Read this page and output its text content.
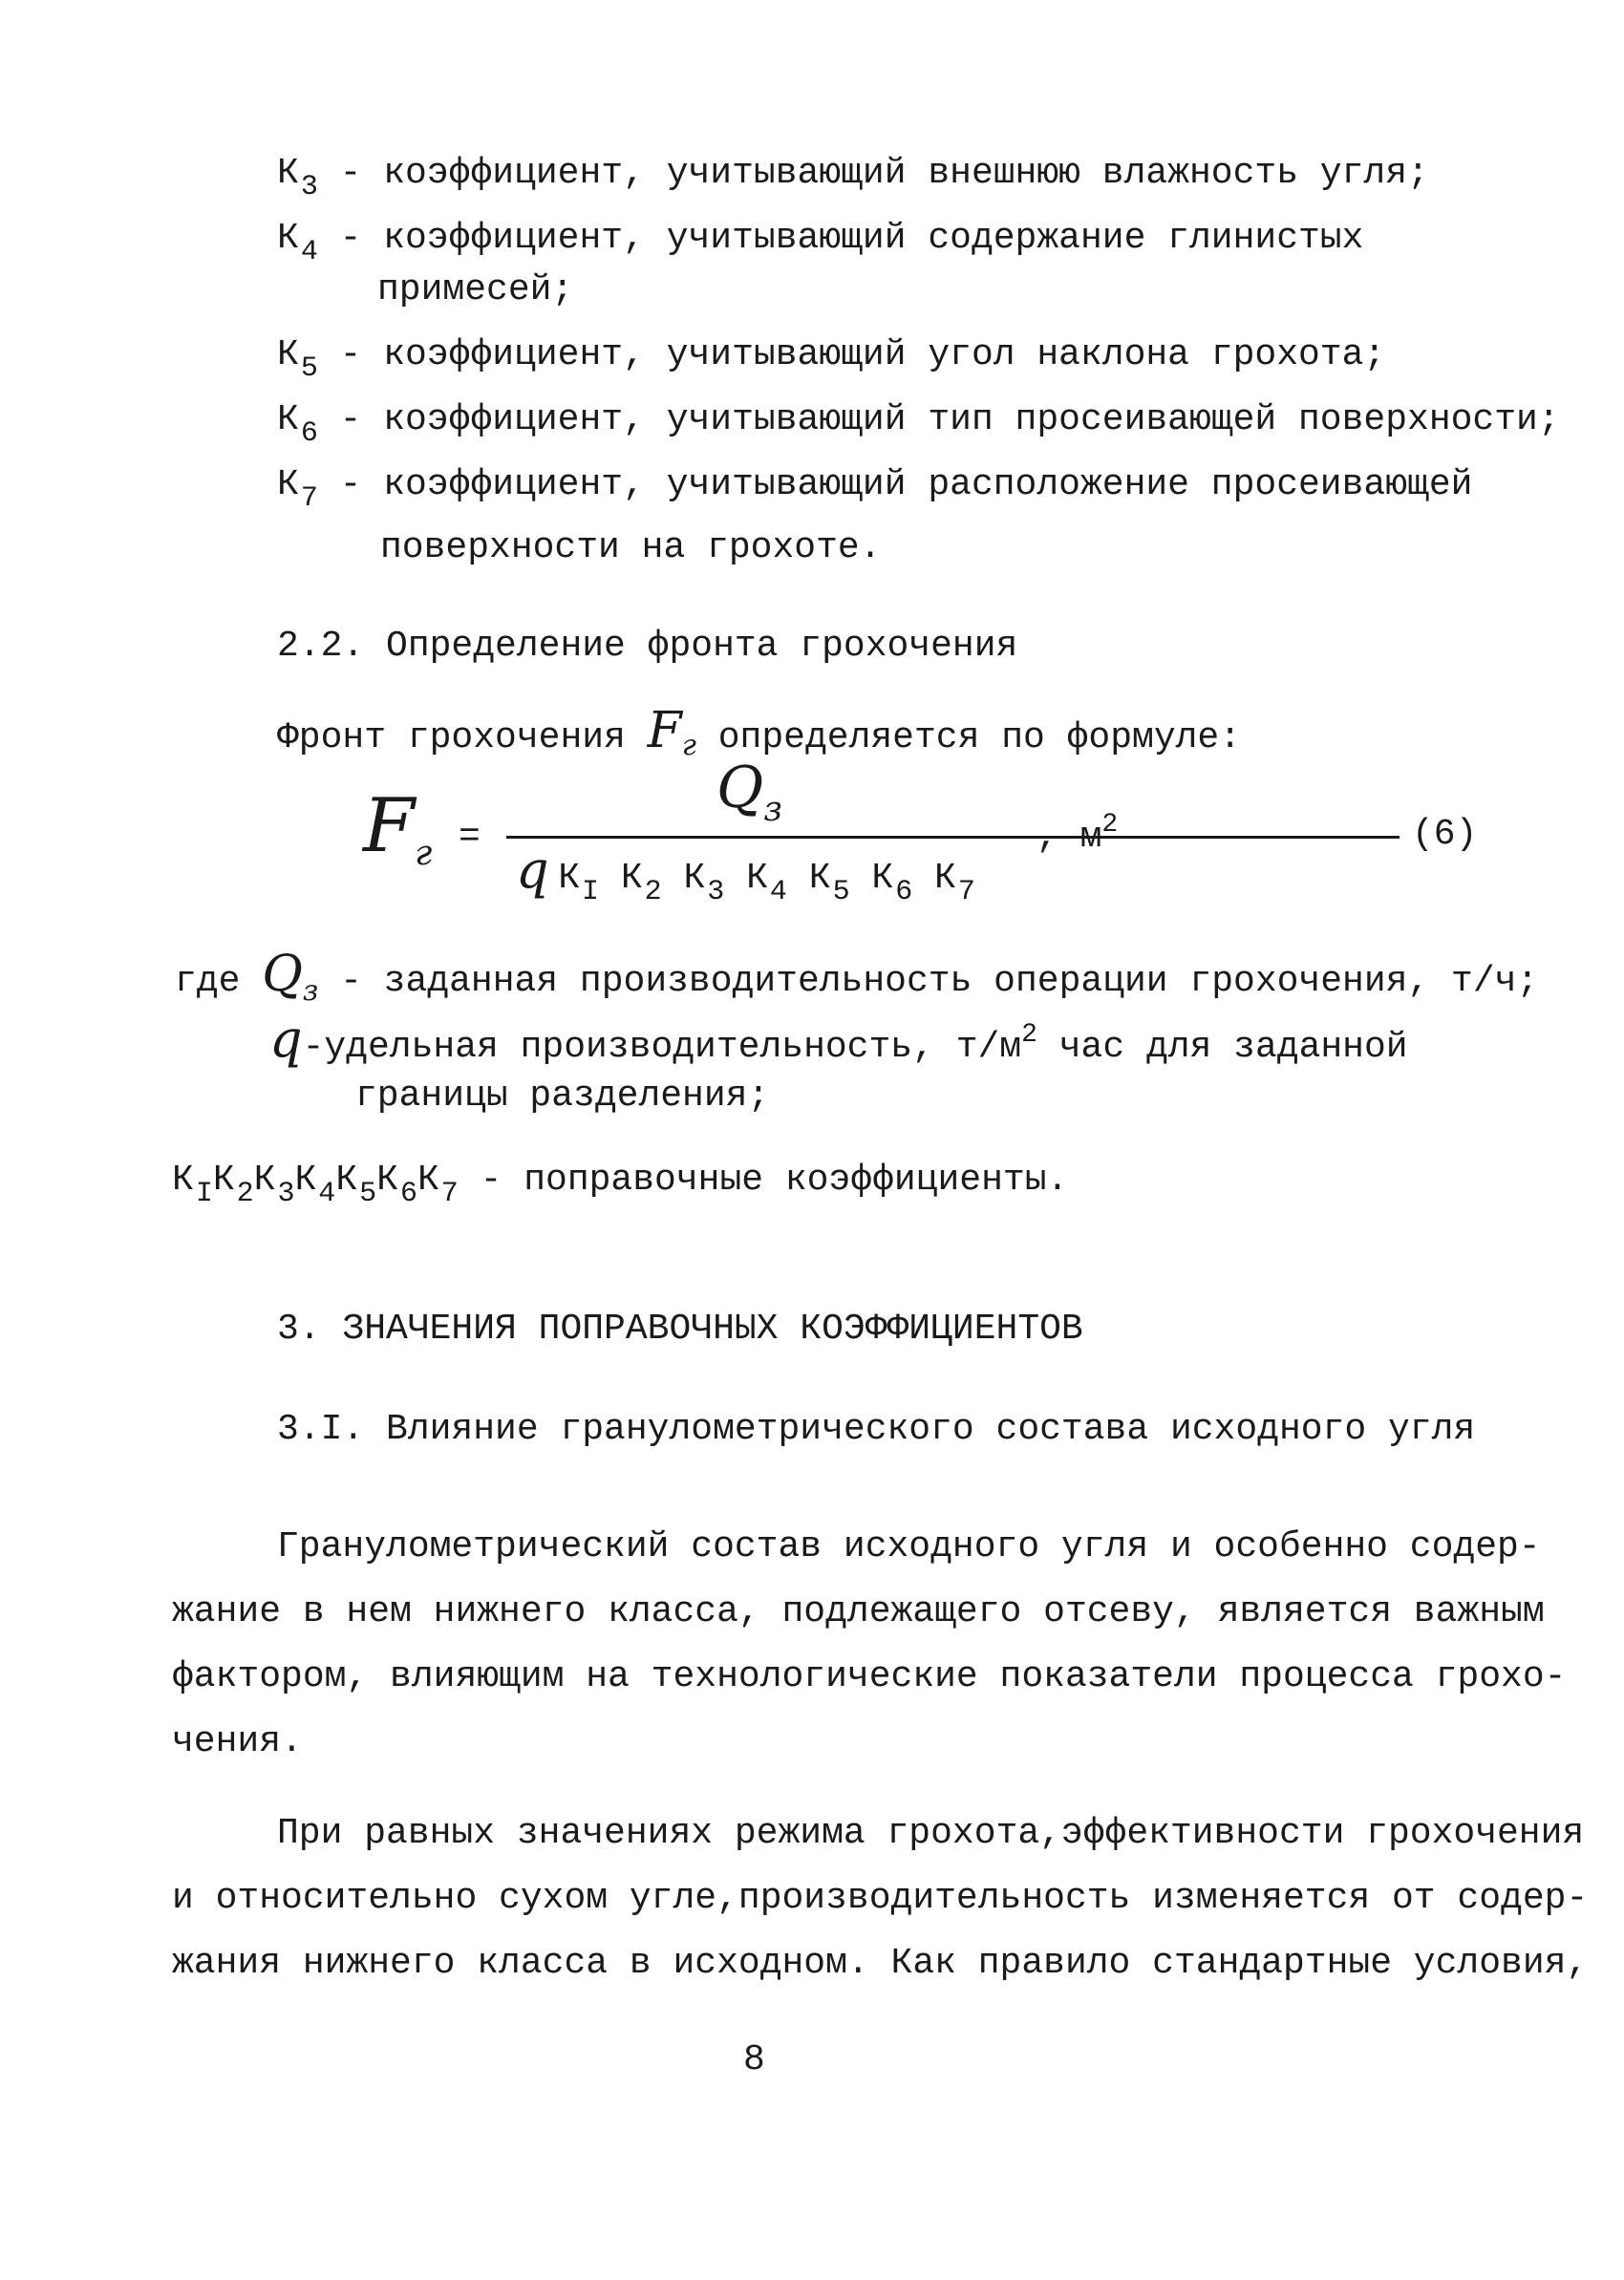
$К_3$ - коэффициент, учитывающий внешнюю влажность угля;
$К_4$ - коэффициент, учитывающий содержание глинистых
примесей;
$К_5$ - коэффициент, учитывающий угол наклона грохота;
$К_6$ - коэффициент, учитывающий тип просеивающей поверхности;
$К_7$ - коэффициент, учитывающий расположение просеивающей
поверхности на грохоте.
2.2. Определение фронта грохочения
Фронт грохочения $F_г$ определяется по формуле:
Fг =
Qз
q $К_I$ $К_2$ $К_3$ $К_4$ $К_5$ $К_6$ $К_7$
, $м^2$	(6)
где $Q_з$ - заданная производительность операции грохочения, т/ч;
q-удельная производительность, $т/м^2$ час для заданной
границы разделения;
$К_IК_2К_3К_4К_5К_6К_7$ - поправочные коэффициенты.
3. ЗНАЧЕНИЯ ПОПРАВОЧНЫХ КОЭФФИЦИЕНТОВ
3.I. Влияние гранулометрического состава исходного угля
Гранулометрический состав исходного угля и особенно содер-
жание в нем нижнего класса, подлежащего отсеву, является важным
фактором, влияющим на технологические показатели процесса грохо-
чения.
При равных значениях режима грохота,эффективности грохочения
и относительно сухом угле,производительность изменяется от содер-
жания нижнего класса в исходном. Как правило стандартные условия,
8
